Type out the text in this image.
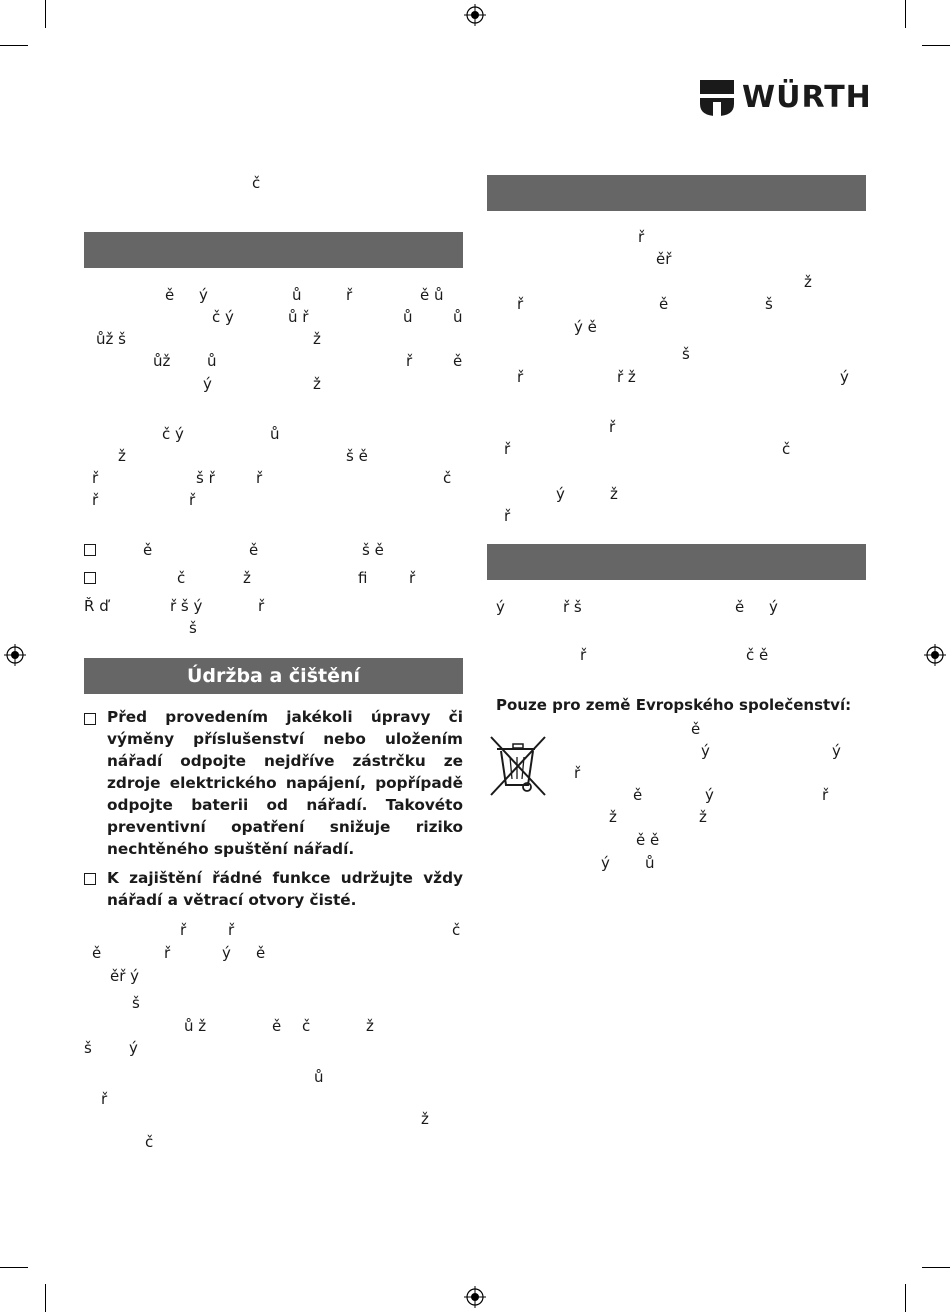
WÜRTH
č
ě ý	ů	ř	ě ů
č ý	ů ř	ů	ů
ůž š	ž
ůž ů	ř	ě
ý	ž
č ý	ů
ž	š ě
ř	š ř	ř	č
ř	ř
ě	ě	š ě
č	ž	fi	ř
Ř ď	ř š ý	ř
š
Údržba a čištění
Před provedením jakékoli úpravy či výměny příslušenství nebo uložením nářadí odpojte nejdříve zástrčku ze zdroje elektrického napájení, popřípadě odpojte baterii od nářadí. Takovéto preventivní opatření snižuje riziko nechtěného spuštění nářadí.
K zajištění řádné funkce udržujte vždy nářadí a větrací otvory čisté.
ř	ř	č
ě	ř	ý ě
ěř ý
š
ů ž	ě č	ž
š ý
ů
ř
ž
č
ř
ěř
ž
ř	ě	š
ý ě
š
ř	ř ž	ý
ř
ř	č
ý	ž
ř
ý	ř š	ě ý
ř	č ě
Pouze pro země Evropského společenství:
ě
ý	ý
ř
ě	ý	ř
ž	ž
ě ě
ý ů
